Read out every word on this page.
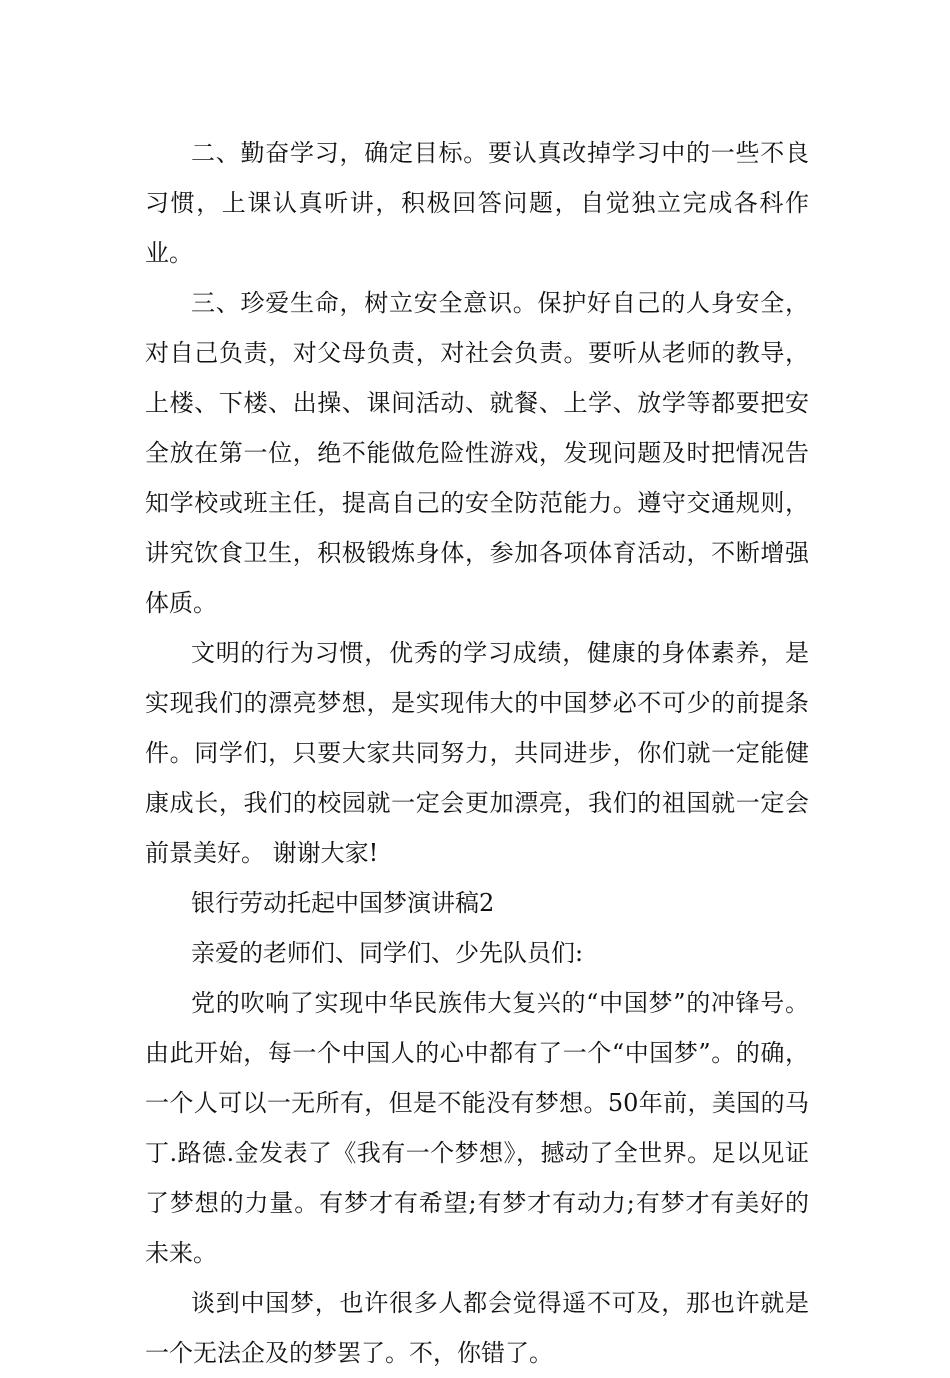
二、勤奋学习，确定目标。要认真改掉学习中的一些不良习惯，上课认真听讲，积极回答问题，自觉独立完成各科作业。

三、珍爱生命，树立安全意识。保护好自己的人身安全，对自己负责，对父母负责，对社会负责。要听从老师的教导，上楼、下楼、出操、课间活动、就餐、上学、放学等都要把安全放在第一位，绝不能做危险性游戏，发现问题及时把情况告知学校或班主任，提高自己的安全防范能力。遵守交通规则，讲究饮食卫生，积极锻炼身体，参加各项体育活动，不断增强体质。

文明的行为习惯，优秀的学习成绩，健康的身体素养，是实现我们的漂亮梦想，是实现伟大的中国梦必不可少的前提条件。同学们，只要大家共同努力，共同进步，你们就一定能健康成长，我们的校园就一定会更加漂亮，我们的祖国就一定会前景美好。 谢谢大家!

银行劳动托起中国梦演讲稿2

亲爱的老师们、同学们、少先队员们:

党的吹响了实现中华民族伟大复兴的“中国梦”的冲锋号。由此开始，每一个中国人的心中都有了一个“中国梦”。的确，一个人可以一无所有，但是不能没有梦想。50年前，美国的马丁.路德.金发表了《我有一个梦想》，撼动了全世界。足以见证了梦想的力量。有梦才有希望;有梦才有动力;有梦才有美好的未来。

谈到中国梦，也许很多人都会觉得遥不可及，那也许就是一个无法企及的梦罢了。不，你错了。
